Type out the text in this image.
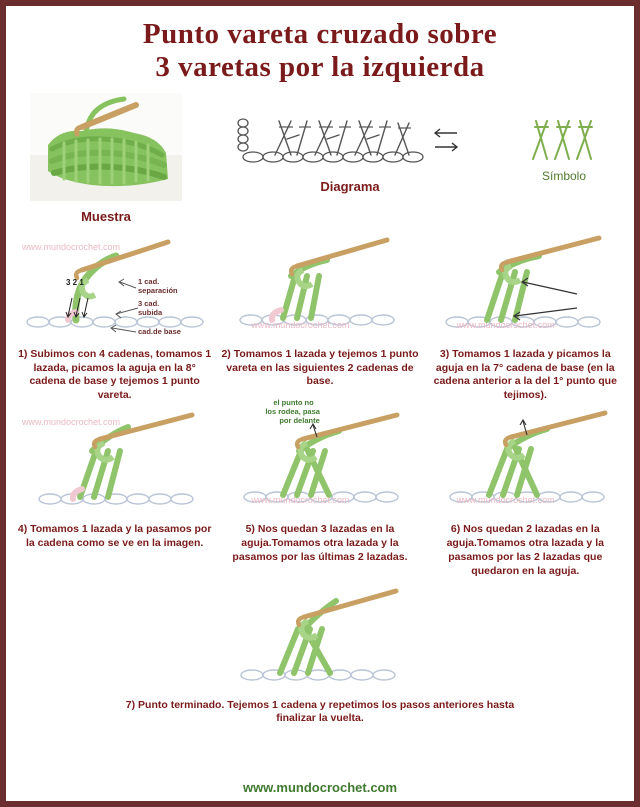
Punto vareta cruzado sobre
3 varetas por la izquierda
Muestra
Diagrama
Símbolo
www.mundocrochet.com
3 2 1	1 cad.
separación
3 cad.
subida
cad.de base
1) Subimos con 4 cadenas, tomamos 1 lazada, picamos la aguja en la 8° cadena de base y tejemos 1 punto vareta.
www.mundocrochet.com
2) Tomamos 1 lazada y tejemos 1 punto vareta en las siguientes 2 cadenas de base.
www.mundocrochet.com
3) Tomamos 1 lazada y picamos la aguja en la 7° cadena de base (en la cadena anterior a la del 1° punto que tejimos).
www.mundocrochet.com
4) Tomamos 1 lazada y la pasamos por la cadena como se ve en la imagen.
www.mundocrochet.com
el punto no
los rodea, pasa
por delante
5) Nos quedan 3 lazadas en la aguja.Tomamos otra lazada y la pasamos por las últimas 2 lazadas.
www.mundocrochet.com
6) Nos quedan 2 lazadas en la aguja.Tomamos otra lazada y la pasamos por las 2 lazadas que quedaron en la aguja.
7) Punto terminado. Tejemos 1 cadena y repetimos los pasos anteriores hasta finalizar la vuelta.
www.mundocrochet.com
